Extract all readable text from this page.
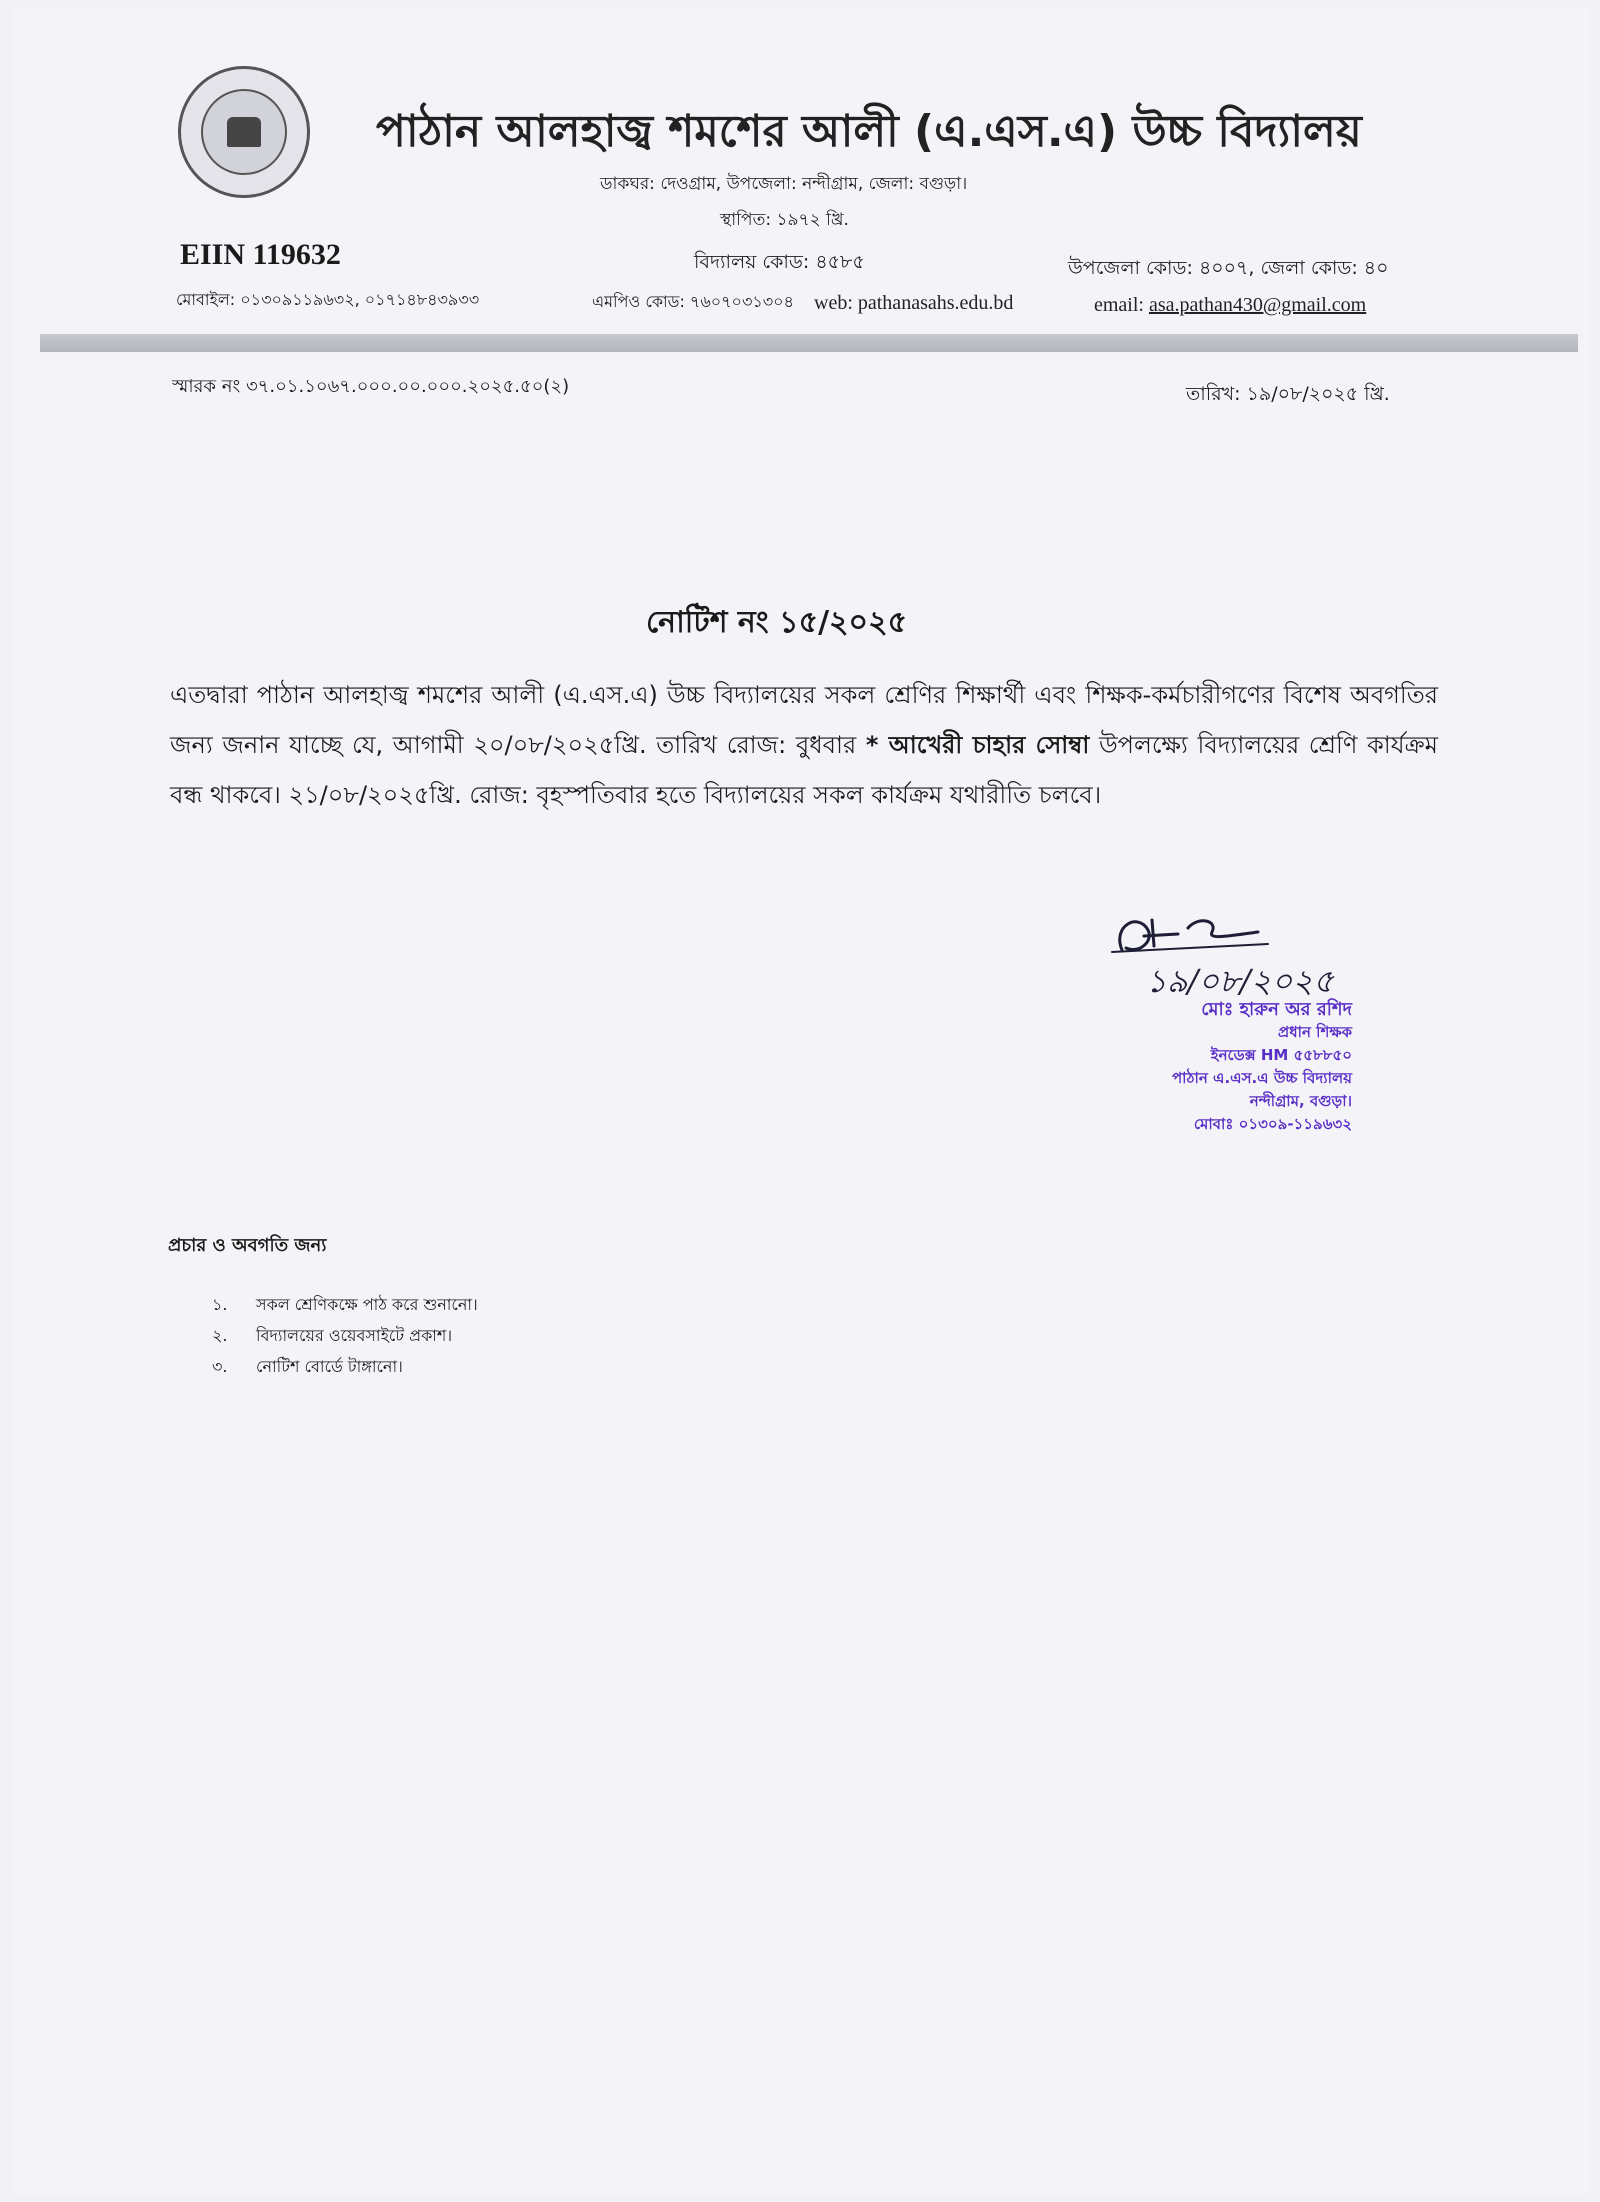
পাঠান আলহাজ্ব শমশের আলী (এ.এস.এ) উচ্চ বিদ্যালয়
ডাকঘর: দেওগ্রাম, উপজেলা: নন্দীগ্রাম, জেলা: বগুড়া।
স্থাপিত: ১৯৭২ খ্রি.
EIIN 119632	বিদ্যালয় কোড: ৪৫৮৫	উপজেলা কোড: ৪০০৭, জেলা কোড: ৪০
মোবাইল: ০১৩০৯১১৯৬৩২, ০১৭১৪৮৪৩৯৩৩	এমপিও কোড: ৭৬০৭০৩১৩০৪ web: pathanasahs.edu.bd	email: asa.pathan430@gmail.com
স্মারক নং ৩৭.০১.১০৬৭.০০০.০০.০০০.২০২৫.৫০(২)	তারিখ: ১৯/০৮/২০২৫ খ্রি.
নোটিশ নং ১৫/২০২৫
এতদ্বারা পাঠান আলহাজ্ব শমশের আলী (এ.এস.এ) উচ্চ বিদ্যালয়ের সকল শ্রেণির শিক্ষার্থী এবং শিক্ষক-কর্মচারীগণের বিশেষ অবগতির জন্য জনান যাচ্ছে যে, আগামী ২০/০৮/২০২৫খ্রি. তারিখ রোজ: বুধবার * আখেরী চাহার সোম্বা উপলক্ষ্যে বিদ্যালয়ের শ্রেণি কার্যক্রম বন্ধ থাকবে। ২১/০৮/২০২৫খ্রি. রোজ: বৃহস্পতিবার হতে বিদ্যালয়ের সকল কার্যক্রম যথারীতি চলবে।
১৯/০৮/২০২৫
মোঃ হারুন অর রশিদ
প্রধান শিক্ষক
ইনডেক্স HM ৫৫৮৮৫০
পাঠান এ.এস.এ উচ্চ বিদ্যালয়
নন্দীগ্রাম, বগুড়া।
মোবাঃ ০১৩০৯-১১৯৬৩২
প্রচার ও অবগতি জন্য
১. সকল শ্রেণিকক্ষে পাঠ করে শুনানো।
২. বিদ্যালয়ের ওয়েবসাইটে প্রকাশ।
৩. নোটিশ বোর্ডে টাঙ্গানো।
